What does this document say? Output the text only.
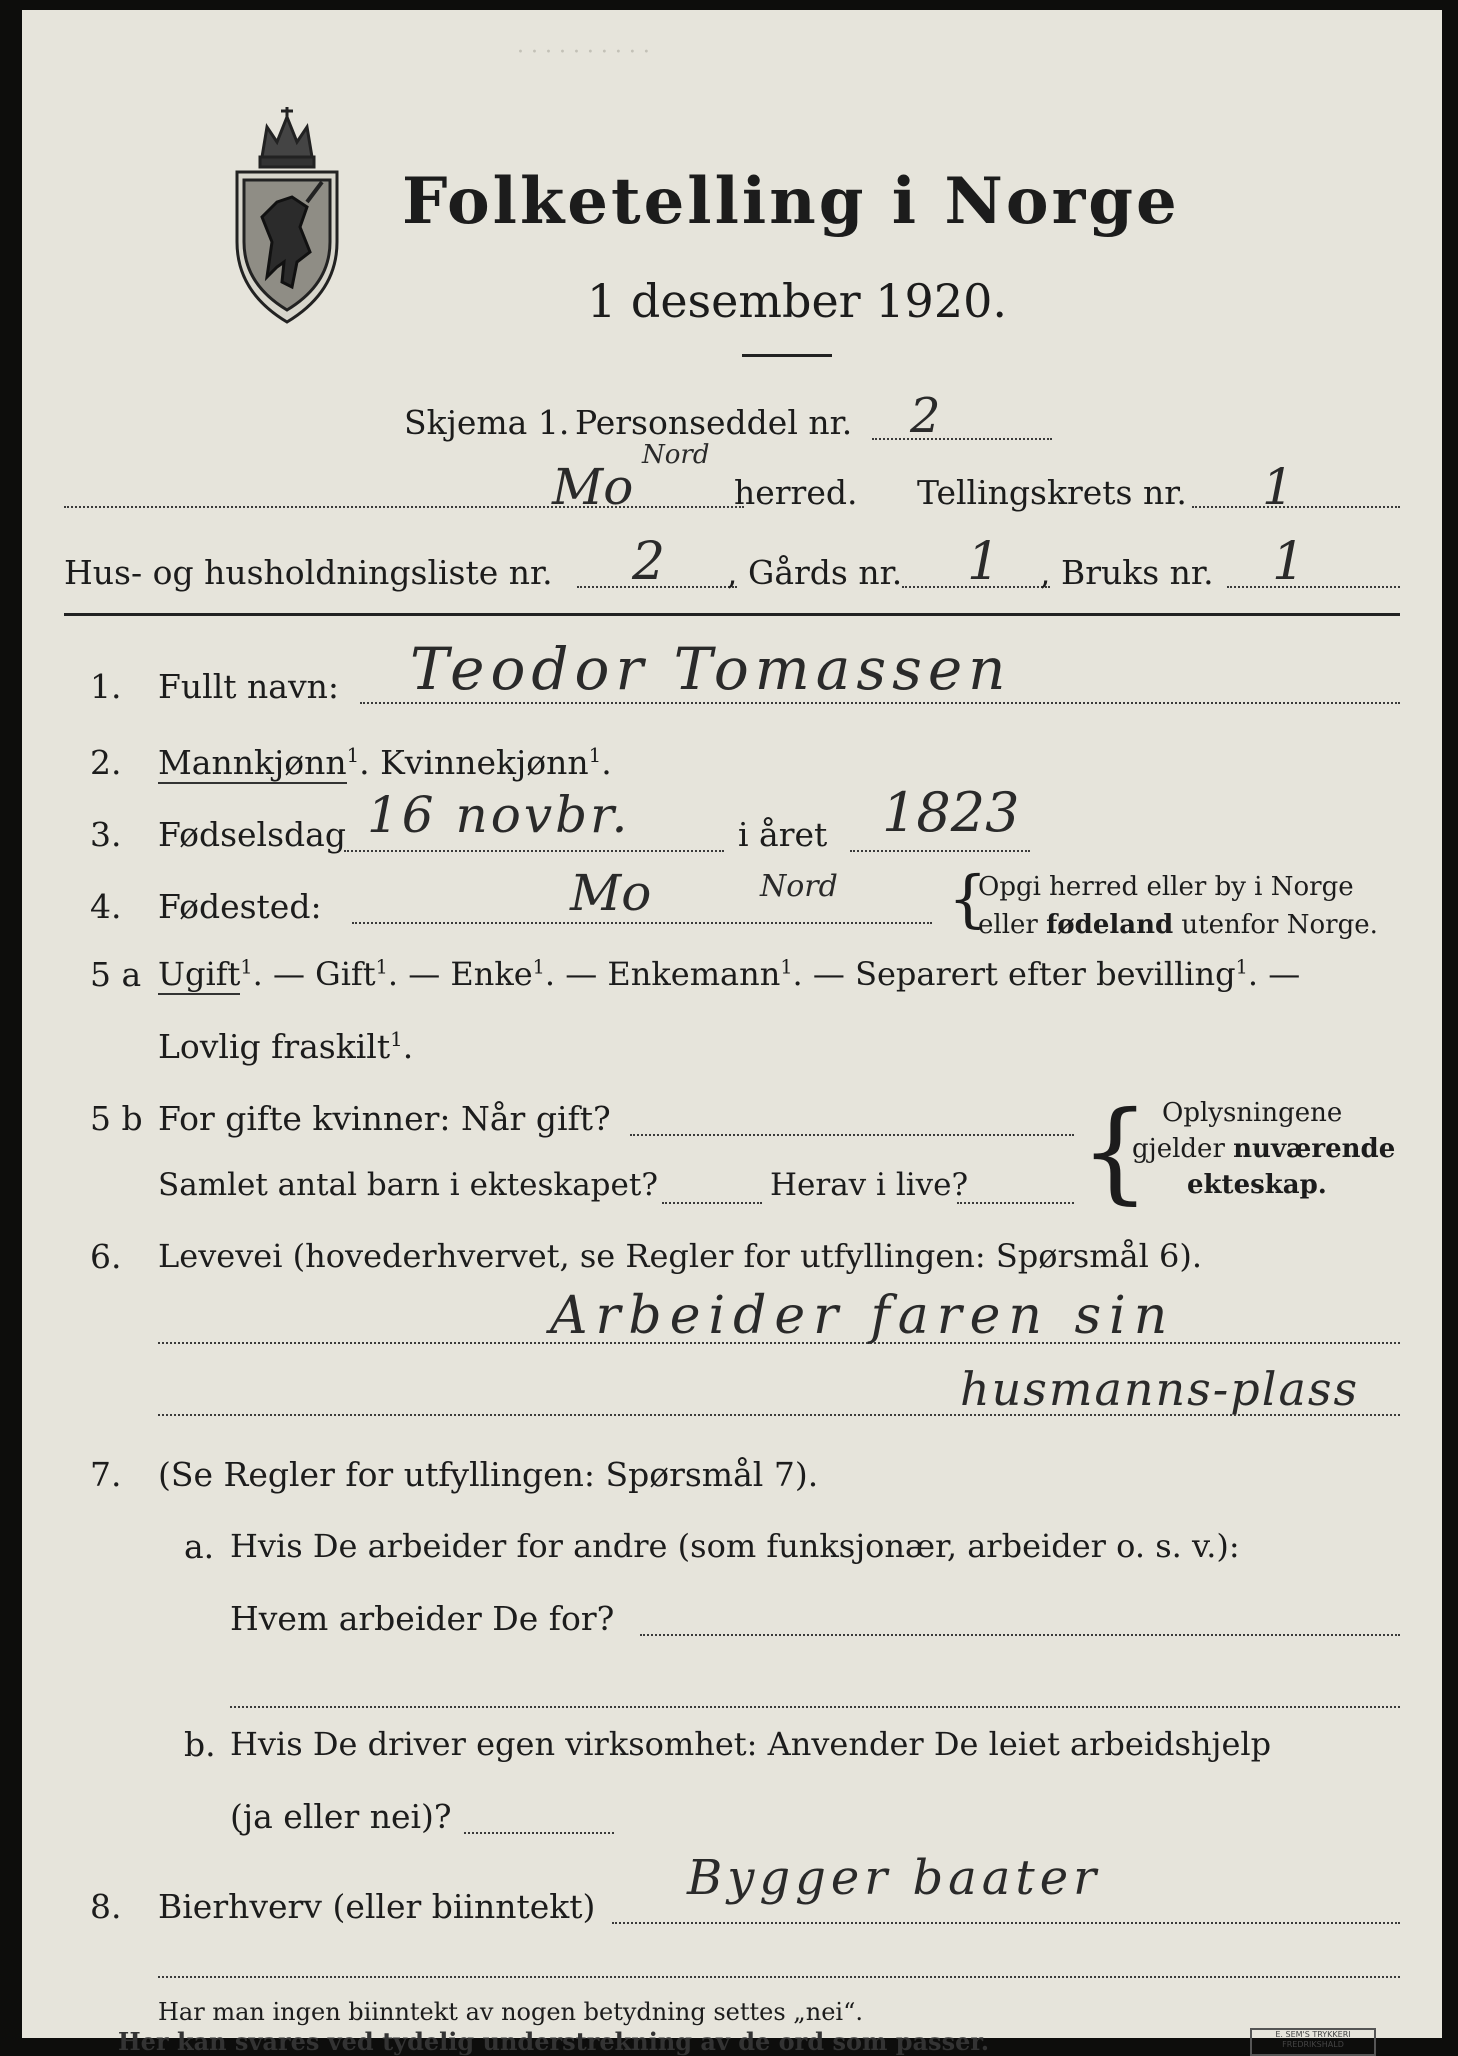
· · · · · · · · · ·
Folketelling i Norge
1 desember 1920.
Skjema 1. Personseddel nr. 2
Mo
Nord
herred. Tellingskrets nr. 1
Hus- og husholdningsliste nr. 2 , Gårds nr. 1 , Bruks nr. 1
1. Fullt navn: Teodor Tomassen
2. Mannkjønn$^1$. Kvinnekjønn$^1$.
3. Fødselsdag 16 novbr.	i året 1823
4. Fødested:	Mo	Nord {
Opgi herred eller by i Norge
eller fødeland utenfor Norge.
5 a Ugift$^1$. — Gift$^1$. — Enke$^1$. — Enkemann$^1$. — Separert efter bevilling$^1$. —
Lovlig fraskilt$^1$.
5 b For gifte kvinner: Når gift?
Samlet antal barn i ekteskapet?	Herav i live? { Oplysningene
gjelder nuværende
ekteskap.
6. Levevei (hovederhvervet, se Regler for utfyllingen: Spørsmål 6).
Arbeider faren sin
husmanns-plass
7. (Se Regler for utfyllingen: Spørsmål 7).
a. Hvis De arbeider for andre (som funksjonær, arbeider o. s. v.):
Hvem arbeider De for?
b. Hvis De driver egen virksomhet: Anvender De leiet arbeidshjelp
(ja eller nei)?
8. Bierhverv (eller biinntekt)
Bygger baater
Har man ingen biinntekt av nogen betydning settes „nei“.
Her kan svares ved tydelig understrekning av de ord som passer.	E. SEM'S TRYKKERI
FREDRIKSHALD
